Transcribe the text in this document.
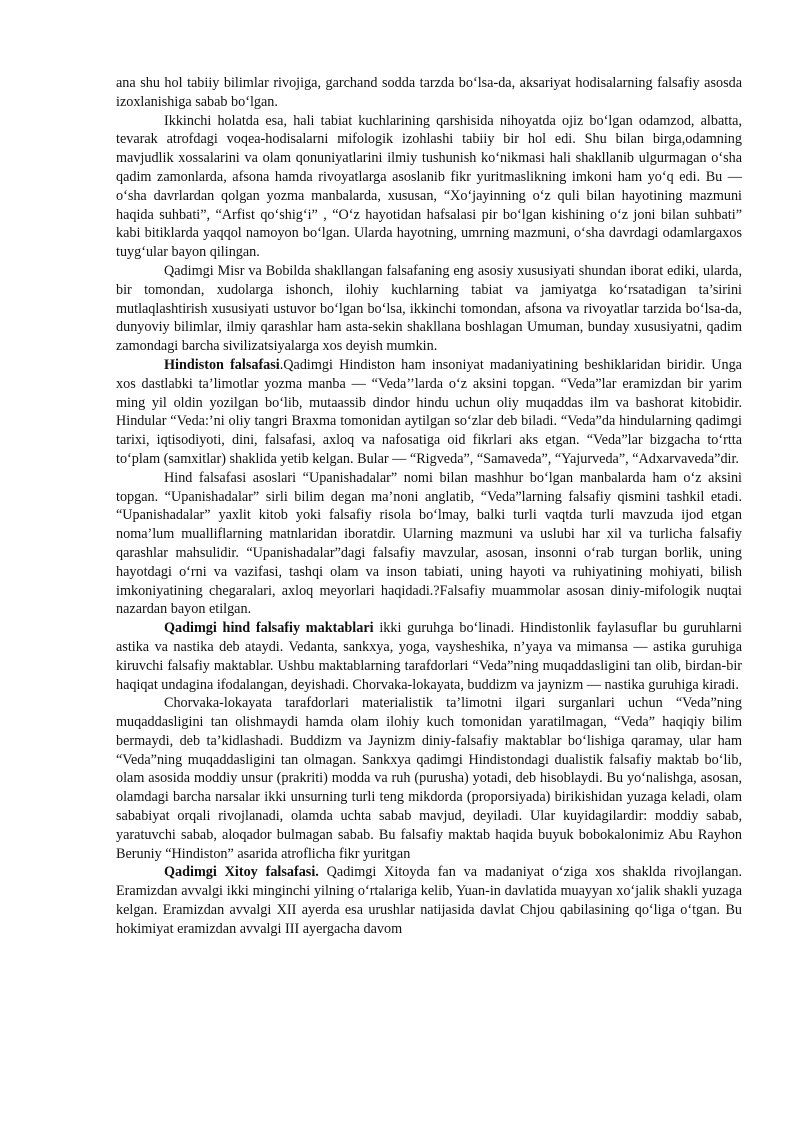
ana shu hol tabiiy bilimlar rivojiga, garchand sodda tarzda bo‘lsa-da, aksariyat hodisalarning falsafiy asosda izoxlanishiga sabab bo‘lgan.

Ikkinchi holatda esa, hali tabiat kuchlarining qarshisida nihoyatda ojiz bo‘lgan odamzod, albatta, tevarak atrofdagi voqea-hodisalarni mifologik izohlashi tabiiy bir hol edi. Shu bilan birga,odamning mavjudlik xossalarini va olam qonuniyatlarini ilmiy tushunish ko‘nikmasi hali shakllanib ulgurmagan o‘sha qadim zamonlarda, afsona hamda rivoyatlarga asoslanib fikr yuritmaslikning imkoni ham yo‘q edi. Bu — o‘sha davrlardan qolgan yozma manbalarda, xususan, “Xo‘jayinning o‘z quli bilan hayotining mazmuni haqida suhbati”, “Arfist qo‘shig‘i” , “O‘z hayotidan hafsalasi pir bo‘lgan kishining o‘z joni bilan suhbati” kabi bitiklarda yaqqol namoyon bo‘lgan. Ularda hayotning, umrning mazmuni, o‘sha davrdagi odamlargaxos tuyg‘ular bayon qilingan.

Qadimgi Misr va Bobilda shakllangan falsafaning eng asosiy xususiyati shundan iborat ediki, ularda, bir tomondan, xudolarga ishonch, ilohiy kuchlarning tabiat va jamiyatga ko‘rsatadigan ta’sirini mutlaqlashtirish xususiyati ustuvor bo‘lgan bo‘lsa, ikkinchi tomondan, afsona va rivoyatlar tarzida bo‘lsa-da, dunyoviy bilimlar, ilmiy qarashlar ham asta-sekin shakllana boshlagan Umuman, bunday xususiyatni, qadim zamondagi barcha sivilizatsiyalarga xos deyish mumkin.

Hindiston falsafasi.Qadimgi Hindiston ham insoniyat madaniyatining beshiklaridan biridir. Unga xos dastlabki ta’limotlar yozma manba — “Veda’’larda o‘z aksini topgan. “Veda”lar eramizdan bir yarim ming yil oldin yozilgan bo‘lib, mutaassib dindor hindu uchun oliy muqaddas ilm va bashorat kitobidir. Hindular “Veda:’ni oliy tangri Braxma tomonidan aytilgan so‘zlar deb biladi. “Veda”da hindularning qadimgi tarixi, iqtisodiyoti, dini, falsafasi, axloq va nafosatiga oid fikrlari aks etgan. “Veda”lar bizgacha to‘rtta to‘plam (samxitlar) shaklida yetib kelgan. Bular — “Rigveda”, “Samaveda”, “Yajurveda”, “Adxarvaveda”dir.

Hind falsafasi asoslari “Upanishadalar” nomi bilan mashhur bo‘lgan manbalarda ham o‘z aksini topgan. “Upanishadalar” sirli bilim degan ma’noni anglatib, “Veda”larning falsafiy qismini tashkil etadi. “Upanishadalar” yaxlit kitob yoki falsafiy risola bo‘lmay, balki turli vaqtda turli mavzuda ijod etgan noma’lum mualliflarning matnlaridan iboratdir. Ularning mazmuni va uslubi har xil va turlicha falsafiy qarashlar mahsulidir. “Upanishadalar”dagi falsafiy mavzular, asosan, insonni o‘rab turgan borlik, uning hayotdagi o‘rni va vazifasi, tashqi olam va inson tabiati, uning hayoti va ruhiyatining mohiyati, bilish imkoniyatining chegaralari, axloq meyorlari haqidadi.?Falsafiy muammolar asosan diniy-mifologik nuqtai nazardan bayon etilgan.

Qadimgi hind falsafiy maktablari ikki guruhga bo‘linadi. Hindistonlik faylasuflar bu guruhlarni astika va nastika deb ataydi. Vedanta, sankxya, yoga, vaysheshika, n’yaya va mimansa — astika guruhiga kiruvchi falsafiy maktablar. Ushbu maktablarning tarafdorlari “Veda”ning muqaddasligini tan olib, birdan-bir haqiqat undagina ifodalangan, deyishadi. Chorvaka-lokayata, buddizm va jaynizm — nastika guruhiga kiradi.

Chorvaka-lokayata tarafdorlari materialistik ta’limotni ilgari surganlari uchun “Veda”ning muqaddasligini tan olishmaydi hamda olam ilohiy kuch tomonidan yaratilmagan, “Veda” haqiqiy bilim bermaydi, deb ta’kidlashadi. Buddizm va Jaynizm diniy-falsafiy maktablar bo‘lishiga qaramay, ular ham “Veda”ning muqaddasligini tan olmagan. Sankxya qadimgi Hindistondagi dualistik falsafiy maktab bo‘lib, olam asosida moddiy unsur (prakriti) modda va ruh (purusha) yotadi, deb hisoblaydi. Bu yo‘nalishga, asosan, olamdagi barcha narsalar ikki unsurning turli teng mikdorda (proporsiyada) birikishidan yuzaga keladi, olam sababiyat orqali rivojlanadi, olamda uchta sabab mavjud, deyiladi. Ular kuyidagilardir: moddiy sabab, yaratuvchi sabab, aloqador bulmagan sabab. Bu falsafiy maktab haqida buyuk bobokalonimiz Abu Rayhon Beruniy “Hindiston” asarida atroflicha fikr yuritgan

Qadimgi Xitoy falsafasi. Qadimgi Xitoyda fan va madaniyat o‘ziga xos shaklda rivojlangan. Eramizdan avvalgi ikki minginchi yilning o‘rtalariga kelib, Yuan-in davlatida muayyan xo‘jalik shakli yuzaga kelgan. Eramizdan avvalgi XII ayerda esa urushlar natijasida davlat Chjou qabilasining qo‘liga o‘tgan. Bu hokimiyat eramizdan avvalgi III ayergacha davom
